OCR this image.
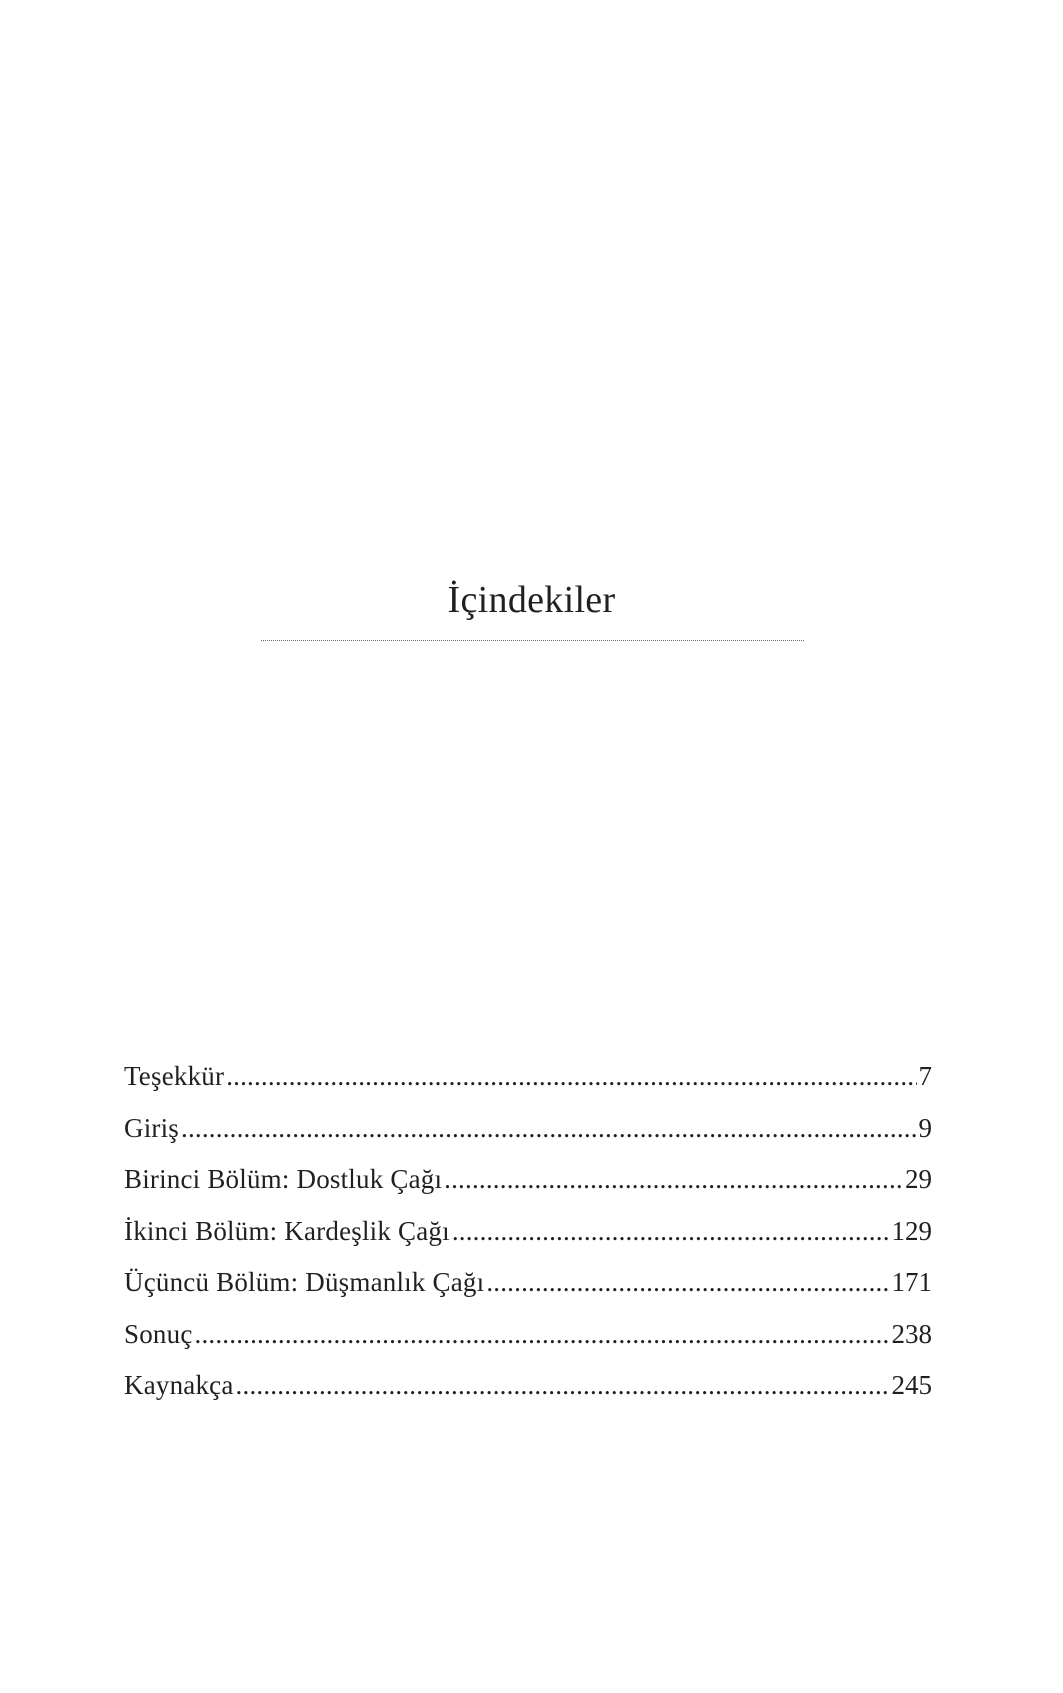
İçindekiler
Teşekkür .....	7
Giriş .....	9
Birinci Bölüm: Dostluk Çağı .....	29
İkinci Bölüm: Kardeşlik Çağı .....	129
Üçüncü Bölüm: Düşmanlık Çağı .....	171
Sonuç .....	238
Kaynakça .....	245
